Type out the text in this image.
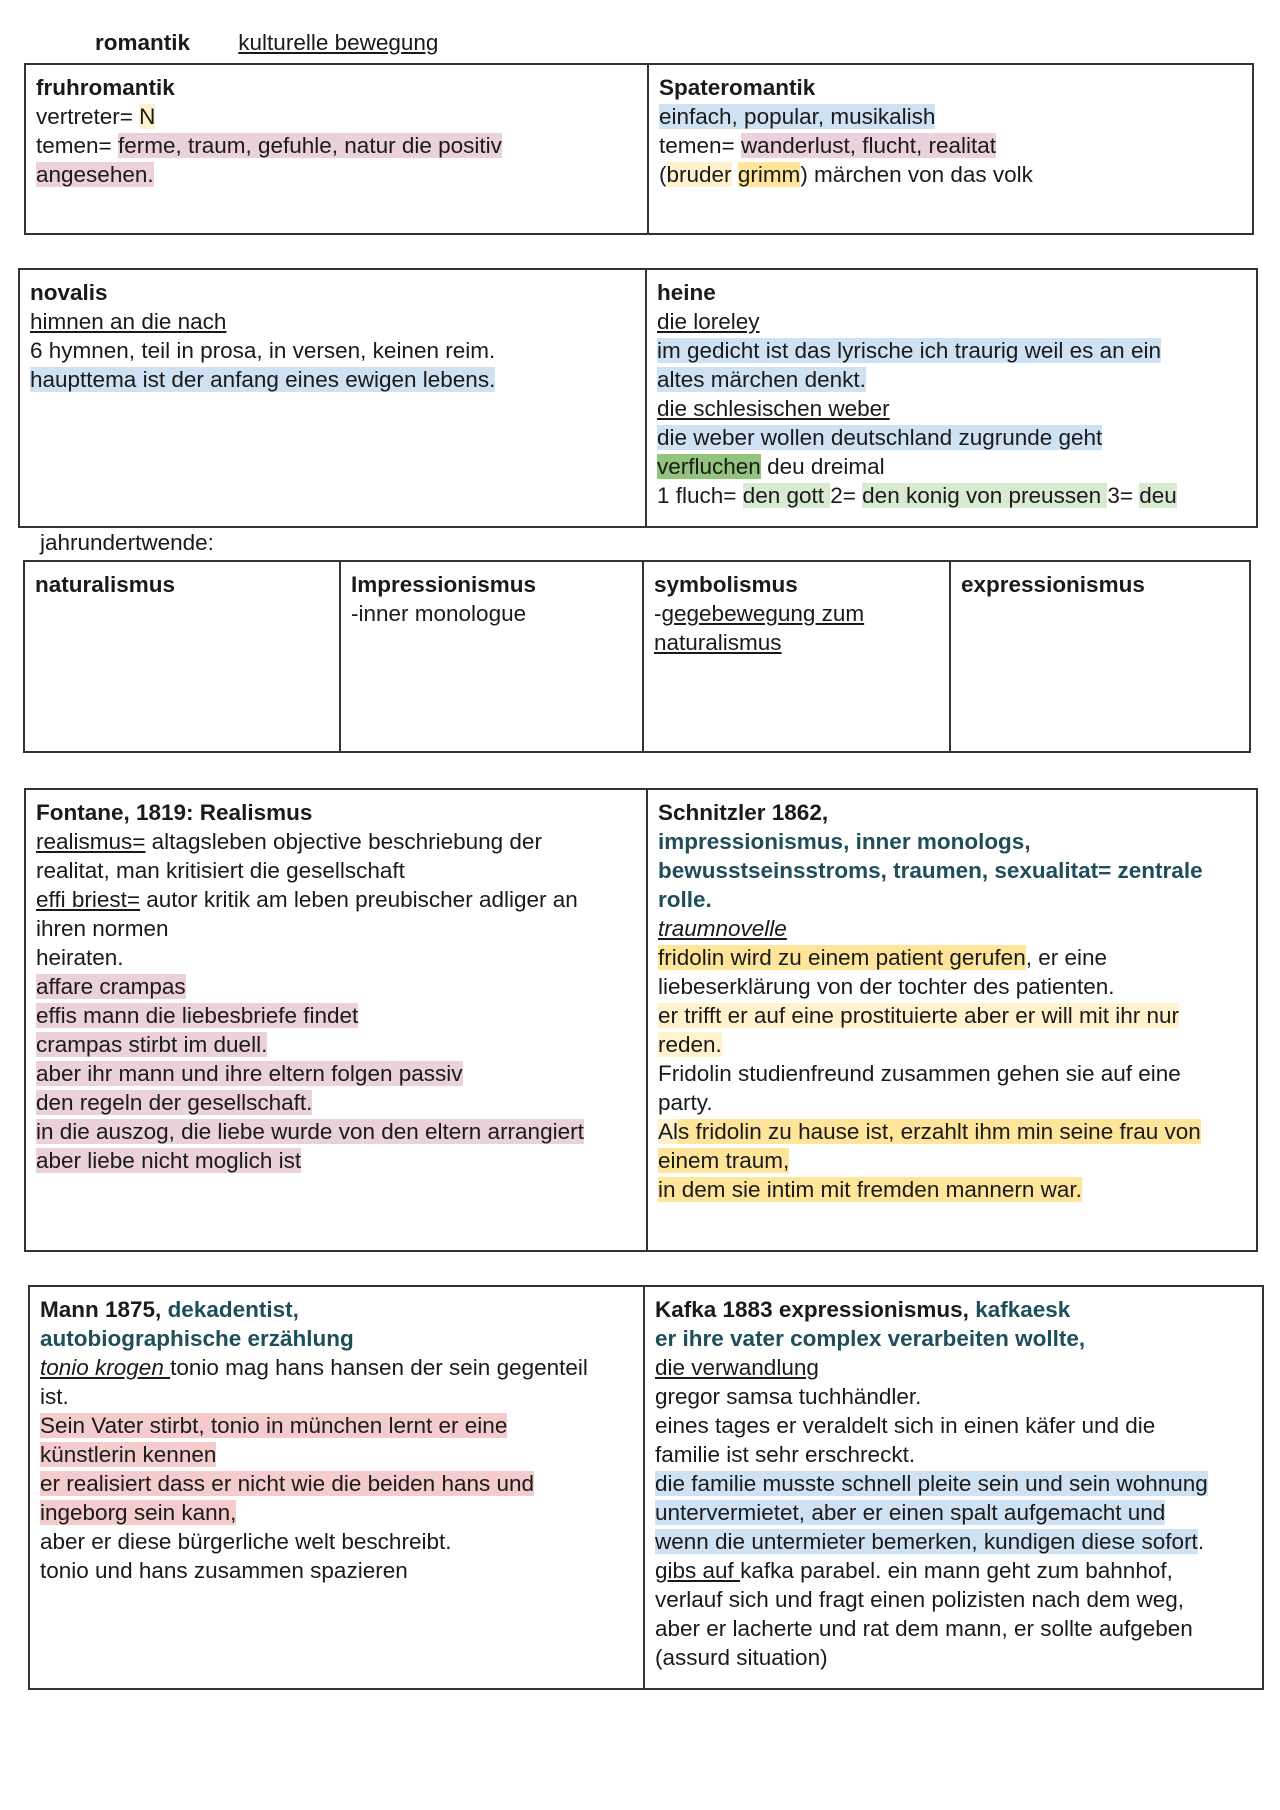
romantik kulturelle bewegung
fruhromantik
vertreter= N
temen= ferme, traum, gefuhle, natur die positiv
angesehen.
Spateromantik
einfach, popular, musikalish
temen= wanderlust, flucht, realitat
(bruder grimm) märchen von das volk
novalis
himnen an die nach
6 hymnen, teil in prosa, in versen, keinen reim.
haupttema ist der anfang eines ewigen lebens.
heine
die loreley
im gedicht ist das lyrische ich traurig weil es an ein
altes märchen denkt.
die schlesischen weber
die weber wollen deutschland zugrunde geht
verfluchen deu dreimal
1 fluch= den gott 2= den konig von preussen 3= deu
jahrundertwende:
naturalismus	Impressionismus
-inner monologue
symbolismus
-gegebewegung zum
naturalismus
expressionismus
Fontane, 1819: Realismus
realismus= altagsleben objective beschriebung der
realitat, man kritisiert die gesellschaft
effi briest= autor kritik am leben preubischer adliger an
ihren normen
heiraten.
affare crampas
effis mann die liebesbriefe findet
crampas stirbt im duell.
aber ihr mann und ihre eltern folgen passiv
den regeln der gesellschaft.
in die auszog, die liebe wurde von den eltern arrangiert
aber liebe nicht moglich ist
Schnitzler 1862,
impressionismus, inner monologs,
bewusstseinsstroms, traumen, sexualitat= zentrale
rolle.
traumnovelle
fridolin wird zu einem patient gerufen, er eine
liebeserklärung von der tochter des patienten.
er trifft er auf eine prostituierte aber er will mit ihr nur
reden.
Fridolin studienfreund zusammen gehen sie auf eine
party.
Als fridolin zu hause ist, erzahlt ihm min seine frau von
einem traum,
in dem sie intim mit fremden mannern war.
Mann 1875, dekadentist,
autobiographische erzählung
tonio krogen tonio mag hans hansen der sein gegenteil
ist.
Sein Vater stirbt, tonio in münchen lernt er eine
künstlerin kennen
er realisiert dass er nicht wie die beiden hans und
ingeborg sein kann,
aber er diese bürgerliche welt beschreibt.
tonio und hans zusammen spazieren
Kafka 1883 expressionismus, kafkaesk
er ihre vater complex verarbeiten wollte,
die verwandlung
gregor samsa tuchhändler.
eines tages er veraldelt sich in einen käfer und die
familie ist sehr erschreckt.
die familie musste schnell pleite sein und sein wohnung
untervermietet, aber er einen spalt aufgemacht und
wenn die untermieter bemerken, kundigen diese sofort.
gibs auf kafka parabel. ein mann geht zum bahnhof,
verlauf sich und fragt einen polizisten nach dem weg,
aber er lacherte und rat dem mann, er sollte aufgeben
(assurd situation)
